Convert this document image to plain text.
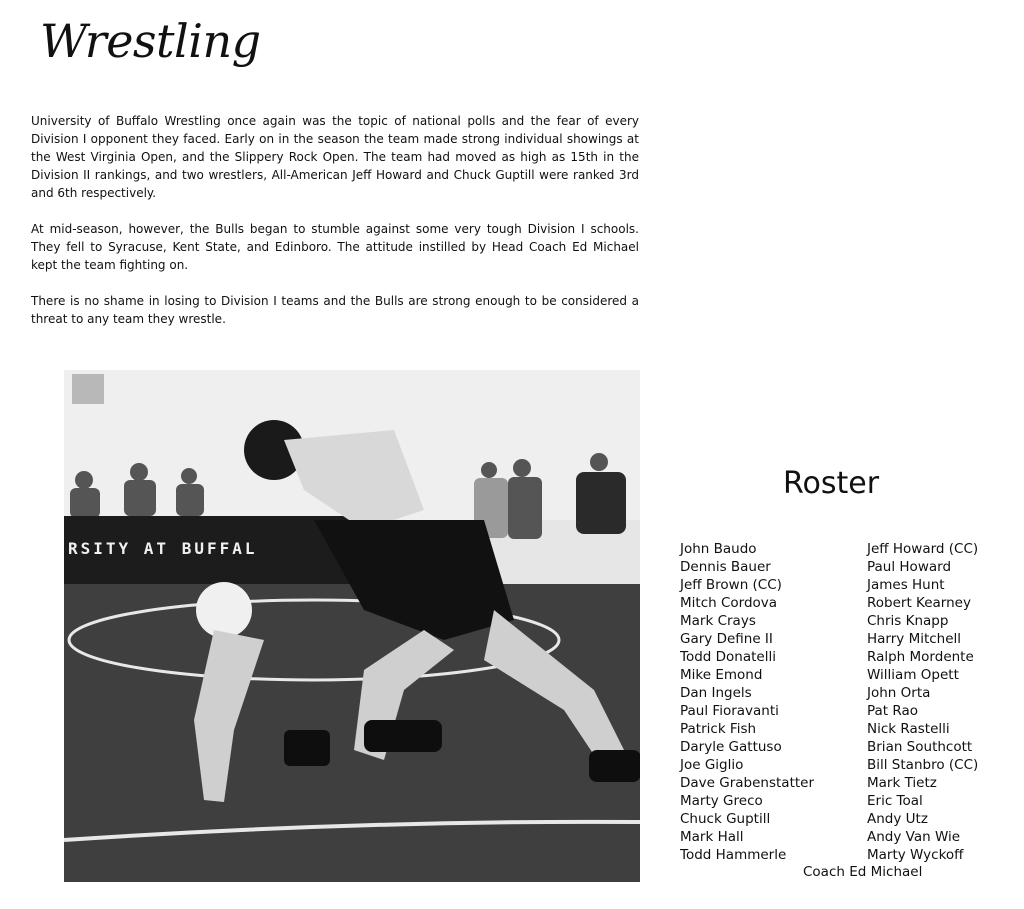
Wrestling

University of Buffalo Wrestling once again was the topic of national polls and the fear of every Division I opponent they faced. Early on in the season the team made strong individual showings at the West Virginia Open, and the Slippery Rock Open. The team had moved as high as 15th in the Division II rankings, and two wrestlers, All-American Jeff Howard and Chuck Guptill were ranked 3rd and 6th respectively.

At mid-season, however, the Bulls began to stumble against some very tough Division I schools. They fell to Syracuse, Kent State, and Edinboro. The attitude instilled by Head Coach Ed Michael kept the team fighting on.

There is no shame in losing to Division I teams and the Bulls are strong enough to be considered a threat to any team they wrestle.

RSITY AT BUFFAL
Roster
John Baudo
Dennis Bauer
Jeff Brown (CC)
Mitch Cordova
Mark Crays
Gary Define II
Todd Donatelli
Mike Emond
Dan Ingels
Paul Fioravanti
Patrick Fish
Daryle Gattuso
Joe Giglio
Dave Grabenstatter
Marty Greco
Chuck Guptill
Mark Hall
Todd Hammerle
Jeff Howard (CC)
Paul Howard
James Hunt
Robert Kearney
Chris Knapp
Harry Mitchell
Ralph Mordente
William Opett
John Orta
Pat Rao
Nick Rastelli
Brian Southcott
Bill Stanbro (CC)
Mark Tietz
Eric Toal
Andy Utz
Andy Van Wie
Marty Wyckoff
Coach Ed Michael
